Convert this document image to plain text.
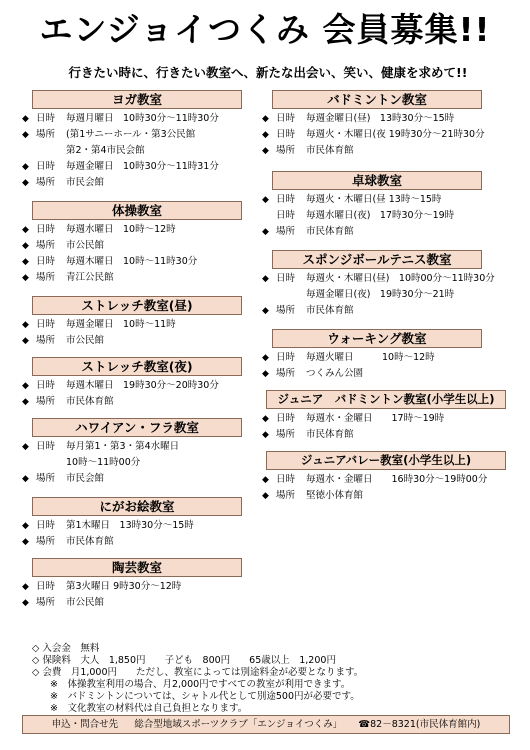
エンジョイつくみ 会員募集!!
行きたい時に、行きたい教室へ、新たな出会い、笑い、健康を求めて!!
ヨガ教室
◆ 日時 毎週月曜日　10時30分～11時30分
◆ 場所 (第1サニーホール・第3公民館
第2・第4市民会館
◆ 日時 毎週金曜日　10時30分～11時31分
◆ 場所 市民会館
体操教室
◆ 日時 毎週水曜日　10時～12時
◆ 場所 市公民館
◆ 日時 毎週木曜日　10時～11時30分
◆ 場所 青江公民館
ストレッチ教室(昼)
◆ 日時 毎週金曜日　10時～11時
◆ 場所 市公民館
ストレッチ教室(夜)
◆ 日時 毎週木曜日　19時30分～20時30分
◆ 場所 市民体育館
ハワイアン・フラ教室
◆ 日時 毎月第1・第3・第4水曜日
10時～11時00分
◆ 場所 市民会館
にがお絵教室
◆ 日時 第1木曜日　13時30分～15時
◆ 場所 市民体育館
陶芸教室
◆ 日時 第3火曜日 9時30分～12時
◆ 場所 市公民館
バドミントン教室
◆ 日時 毎週金曜日(昼)　13時30分～15時
◆ 日時 毎週火・木曜日(夜 19時30分～21時30分
◆ 場所 市民体育館
卓球教室
◆ 日時 毎週火・木曜日(昼 13時～15時
日時 毎週水曜日(夜)　17時30分～19時
◆ 場所 市民体育館
スポンジボールテニス教室
◆ 日時 毎週火・木曜日(昼)　10時00分～11時30分
毎週金曜日(夜)　19時30分～21時
◆ 場所 市民体育館
ウォーキング教室
◆ 日時 毎週火曜日　　　10時～12時
◆ 場所 つくみん公園
ジュニア　バドミントン教室(小学生以上)
◆ 日時 毎週水・金曜日　　17時～19時
◆ 場所 市民体育館
ジュニアバレー教室(小学生以上)
◆ 日時 毎週水・金曜日　　16時30分～19時00分
◆ 場所 堅徳小体育館
◇ 入会金　無料
◇ 保険料　大人　1,850円　　子ども　800円　　65歳以上　1,200円
◇ 会費　月1,000円　　ただし、教室によっては別途料金が必要となります。
※　体操教室利用の場合、月2,000円ですべての教室が利用できます。
※　バドミントンについては、シャトル代として別途500円が必要です。
※　文化教室の材料代は自己負担となります。
申込・問合せ先 総合型地域スポーツクラブ「エンジョイつくみ」 ☎82－8321(市民体育館内)
